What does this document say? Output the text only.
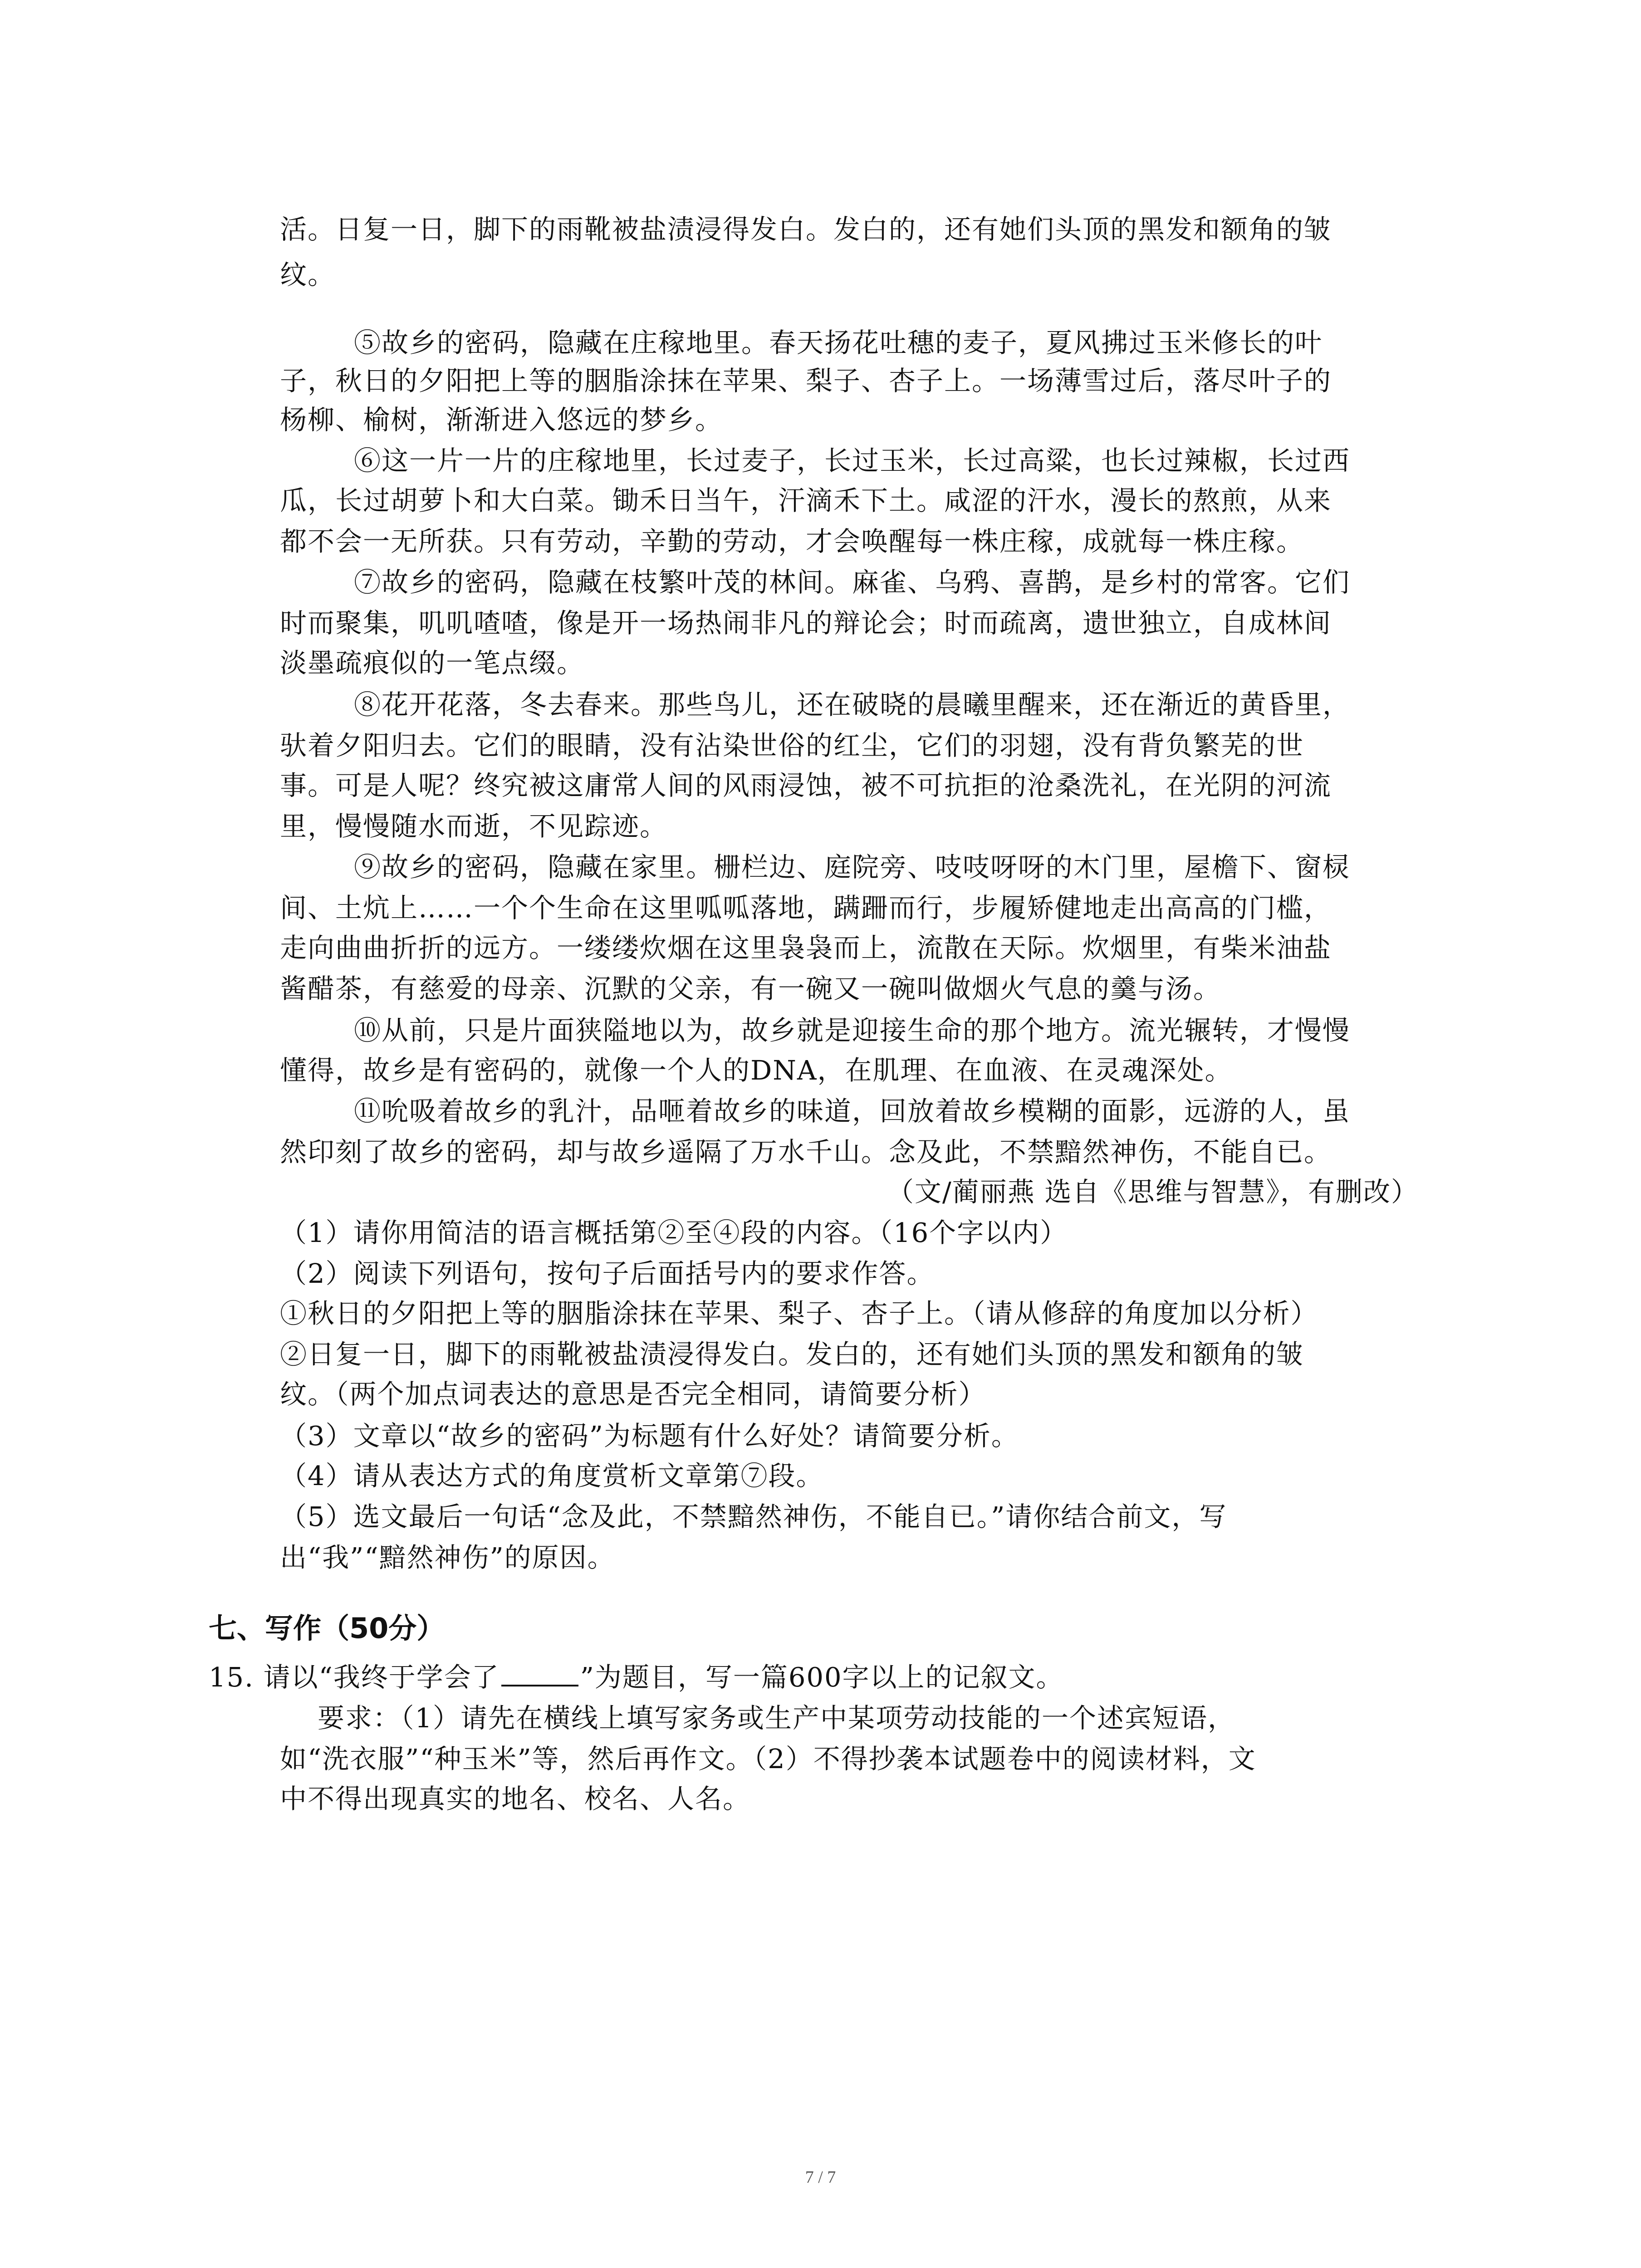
活。日复一日，脚下的雨靴被盐渍浸得发白。发白的，还有她们头顶的黑发和额角的皱
纹。
⑤故乡的密码，隐藏在庄稼地里。春天扬花吐穗的麦子，夏风拂过玉米修长的叶
子，秋日的夕阳把上等的胭脂涂抹在苹果、梨子、杏子上。一场薄雪过后，落尽叶子的
杨柳、榆树，渐渐进入悠远的梦乡。
⑥这一片一片的庄稼地里，长过麦子，长过玉米，长过高粱，也长过辣椒，长过西
瓜，长过胡萝卜和大白菜。锄禾日当午，汗滴禾下土。咸涩的汗水，漫长的熬煎，从来
都不会一无所获。只有劳动，辛勤的劳动，才会唤醒每一株庄稼，成就每一株庄稼。
⑦故乡的密码，隐藏在枝繁叶茂的林间。麻雀、乌鸦、喜鹊，是乡村的常客。它们
时而聚集，叽叽喳喳，像是开一场热闹非凡的辩论会；时而疏离，遗世独立，自成林间
淡墨疏痕似的一笔点缀。
⑧花开花落，冬去春来。那些鸟儿，还在破晓的晨曦里醒来，还在渐近的黄昏里，
驮着夕阳归去。它们的眼睛，没有沾染世俗的红尘，它们的羽翅，没有背负繁芜的世
事。可是人呢？终究被这庸常人间的风雨浸蚀，被不可抗拒的沧桑洗礼，在光阴的河流
里，慢慢随水而逝，不见踪迹。
⑨故乡的密码，隐藏在家里。栅栏边、庭院旁、吱吱呀呀的木门里，屋檐下、窗棂
间、土炕上……一个个生命在这里呱呱落地，蹒跚而行，步履矫健地走出高高的门槛，
走向曲曲折折的远方。一缕缕炊烟在这里袅袅而上，流散在天际。炊烟里，有柴米油盐
酱醋茶，有慈爱的母亲、沉默的父亲，有一碗又一碗叫做烟火气息的羹与汤。
⑩从前，只是片面狭隘地以为，故乡就是迎接生命的那个地方。流光辗转，才慢慢
懂得，故乡是有密码的，就像一个人的DNA，在肌理、在血液、在灵魂深处。
⑪吮吸着故乡的乳汁，品咂着故乡的味道，回放着故乡模糊的面影，远游的人，虽
然印刻了故乡的密码，却与故乡遥隔了万水千山。念及此，不禁黯然神伤，不能自已。
（文/蔺丽燕 选自《思维与智慧》，有删改）
（1）请你用简洁的语言概括第②至④段的内容。（16个字以内）
（2）阅读下列语句，按句子后面括号内的要求作答。
①秋日的夕阳把上等的胭脂涂抹在苹果、梨子、杏子上。（请从修辞的角度加以分析）
②日复一日，脚下的雨靴被盐渍浸得发白。发白的，还有她们头顶的黑发和额角的皱
纹。（两个加点词表达的意思是否完全相同，请简要分析）
（3）文章以“故乡的密码”为标题有什么好处？请简要分析。
（4）请从表达方式的角度赏析文章第⑦段。
（5）选文最后一句话“念及此，不禁黯然神伤，不能自已。”请你结合前文，写
出“我”“黯然神伤”的原因。
七、写作（50分）
15. 请以“我终于学会了	”为题目，写一篇600字以上的记叙文。
要求：（1）请先在横线上填写家务或生产中某项劳动技能的一个述宾短语，
如“洗衣服”“种玉米”等，然后再作文。（2）不得抄袭本试题卷中的阅读材料，文
中不得出现真实的地名、校名、人名。
7 / 7
